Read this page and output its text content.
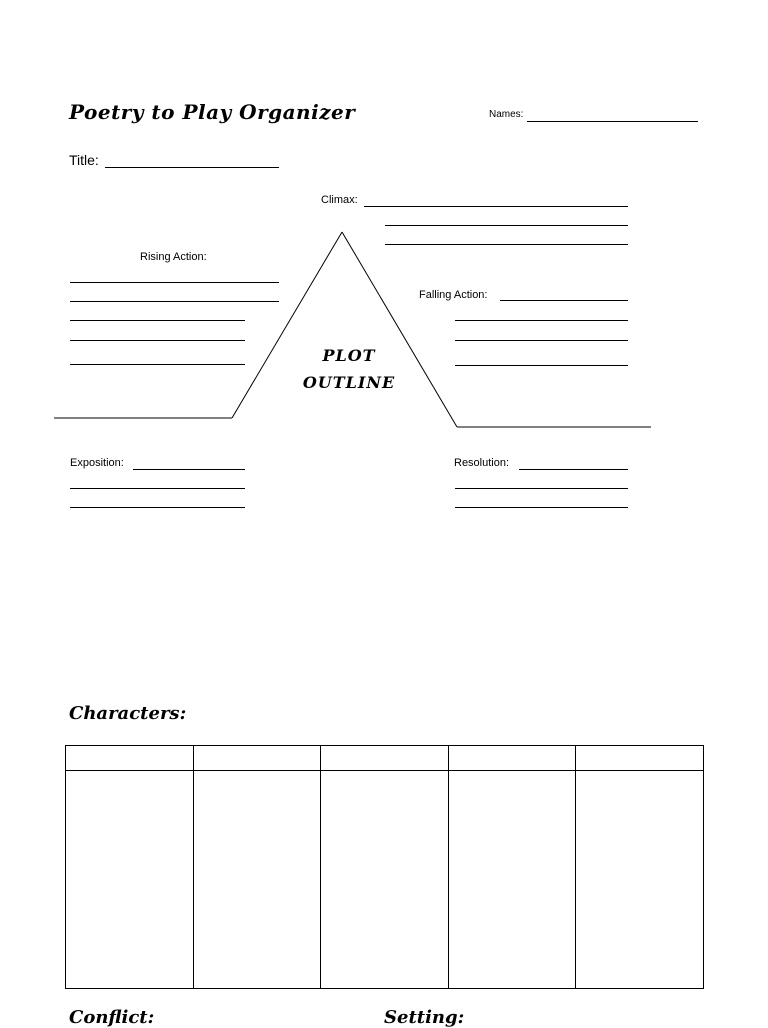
Poetry to Play Organizer	Names:
Title:
Climax:
Rising Action:
Falling Action:
PLOT
OUTLINE
Exposition:	Resolution:
Characters:

Conflict:	Setting:
